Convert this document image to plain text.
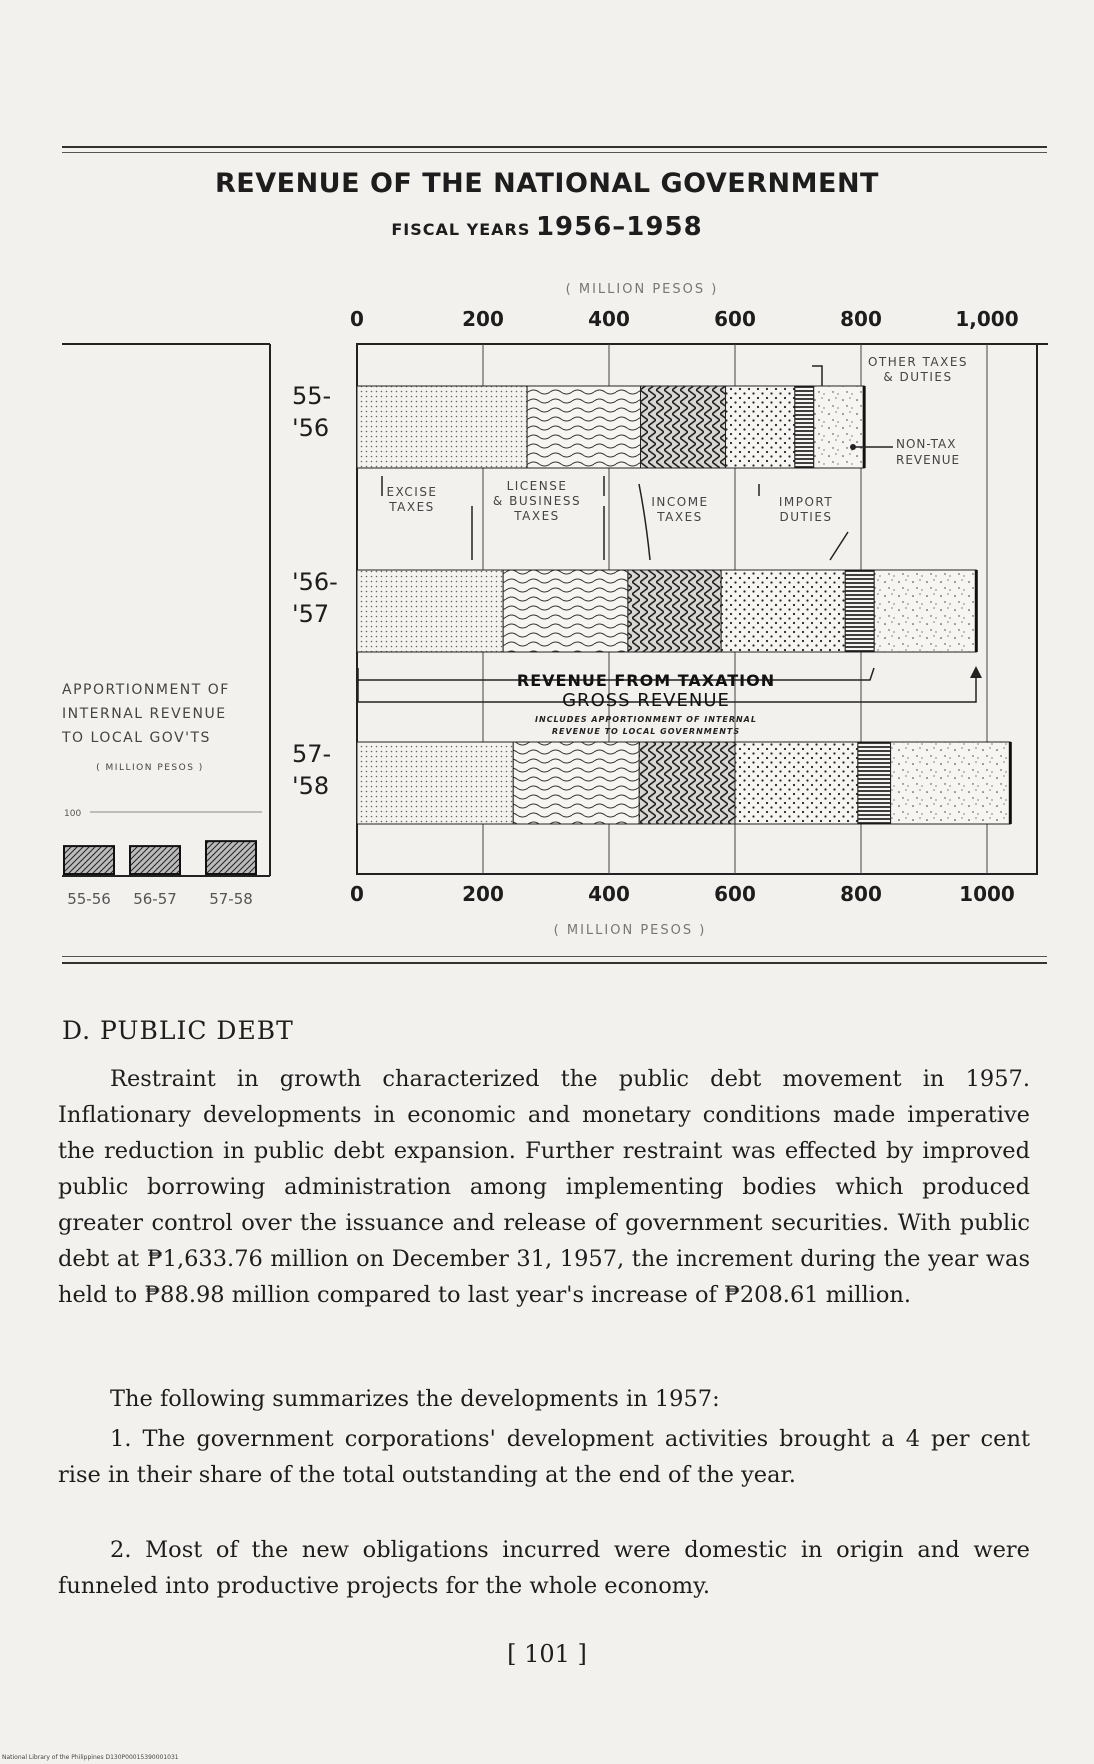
REVENUE OF THE NATIONAL GOVERNMENT
FISCAL YEARS 1956–1958
( MILLION PESOS )
0	200	400	600	800	1,000
55-
'56
'56-
'57
57-
'58
EXCISE
TAXES
LICENSE
& BUSINESS
TAXES
INCOME
TAXES
IMPORT
DUTIES
OTHER TAXES
& DUTIES
NON-TAX
REVENUE
REVENUE FROM TAXATION
GROSS REVENUE
INCLUDES APPORTIONMENT OF INTERNAL
REVENUE TO LOCAL GOVERNMENTS
0	200	400	600	800	1000
( MILLION PESOS )
100
APPORTIONMENT OF
INTERNAL REVENUE
TO LOCAL GOV'TS
( MILLION PESOS )
55-56 56-57 57-58
D. PUBLIC DEBT

Restraint in growth characterized the public debt movement in 1957. Inflationary developments in economic and monetary conditions made imperative the reduction in public debt expansion. Further restraint was effected by improved public borrowing administration among implementing bodies which produced greater control over the issuance and release of government securities. With public debt at ₱1,633.76 million on December 31, 1957, the increment during the year was held to ₱88.98 million compared to last year's increase of ₱208.61 million.

The following summarizes the developments in 1957:

1. The government corporations' development activities brought a 4 per cent rise in their share of the total outstanding at the end of the year.

2. Most of the new obligations incurred were domestic in origin and were funneled into productive projects for the whole economy.

[ 101 ]
National Library of the Philippines D130P00015390001031
